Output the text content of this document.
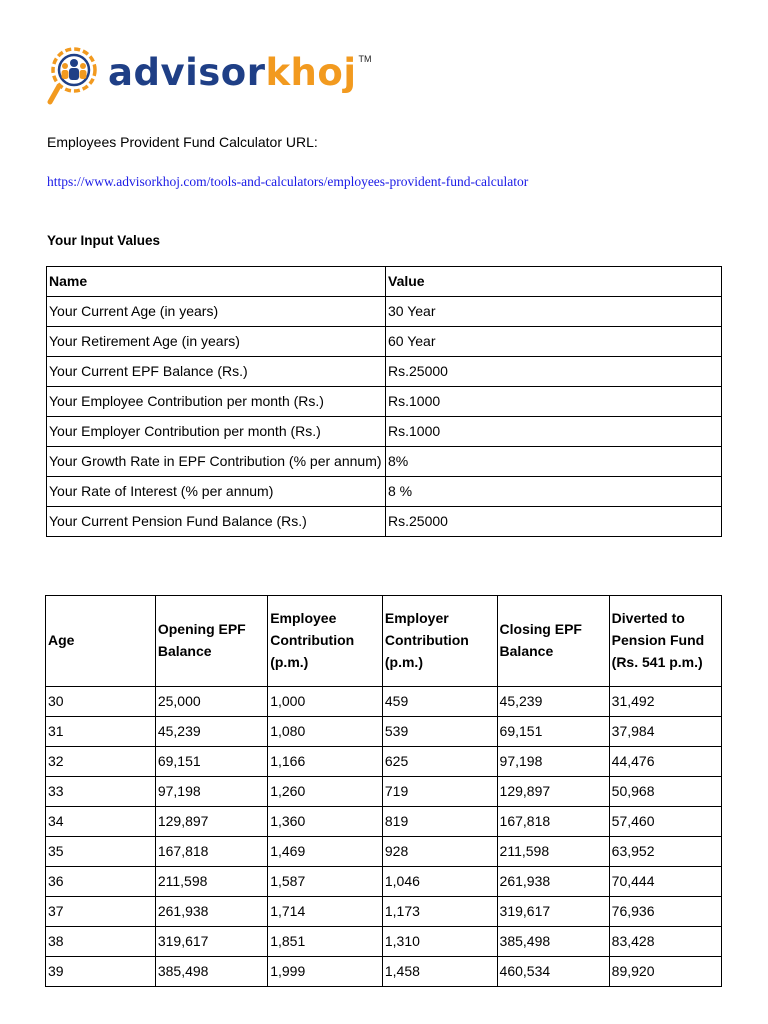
advisorkhoj TM

Employees Provident Fund Calculator URL:

https://www.advisorkhoj.com/tools-and-calculators/employees-provident-fund-calculator

Your Input Values

Name	Value
Your Current Age (in years)	30 Year
Your Retirement Age (in years)	60 Year
Your Current EPF Balance (Rs.)	Rs.25000
Your Employee Contribution per month (Rs.)	Rs.1000
Your Employer Contribution per month (Rs.)	Rs.1000
Your Growth Rate in EPF Contribution (% per annum)	8%
Your Rate of Interest (% per annum)	8 %
Your Current Pension Fund Balance (Rs.)	Rs.25000
Age	Opening EPF Balance	Employee Contribution (p.m.)	Employer Contribution (p.m.)	Closing EPF Balance	Diverted to Pension Fund (Rs. 541 p.m.)
30	25,000	1,000	459	45,239	31,492
31	45,239	1,080	539	69,151	37,984
32	69,151	1,166	625	97,198	44,476
33	97,198	1,260	719	129,897	50,968
34	129,897	1,360	819	167,818	57,460
35	167,818	1,469	928	211,598	63,952
36	211,598	1,587	1,046	261,938	70,444
37	261,938	1,714	1,173	319,617	76,936
38	319,617	1,851	1,310	385,498	83,428
39	385,498	1,999	1,458	460,534	89,920
